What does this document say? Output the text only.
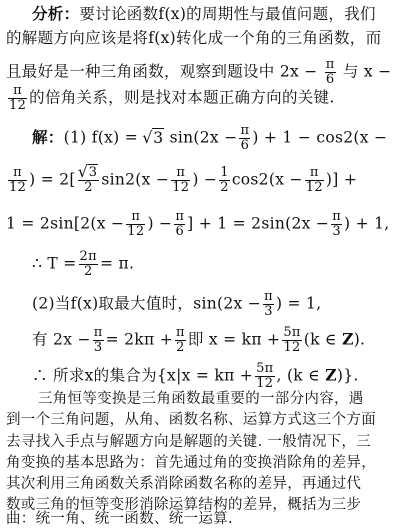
分析：要讨论函数f(x)的周期性与最值问题，我们
的解题方向应该是将f(x)转化成一个角的三角函数，而
且最好是一种三角函数，观察到题设中 $2x - \frac{\pi}{6}$ 与 x −
$\frac{\pi}{12}$ 的倍角关系，则是找对本题正确方向的关键.
解：(1) f(x) = √ 3 $\sin(2x - \frac{\pi}{6}$ ) + 1 − cos2(x −
$\frac{\pi}{12}$ ) = 2[ √ $\frac{3}{2} \sin 2(x - \frac{\pi}{12}$ ) − $\frac{1}{2} \cos 2(x - \frac{\pi}{12}$ )] +
$1 = 2\sin[2(x - \frac{\pi}{12}$ ) − $\frac{\pi}{6}$ ] + $1 = 2\sin(2x - \frac{\pi}{3}$ ) + 1,
∴ $T = \frac{2\pi}{2} = \pi$.
(2)当f(x)取最大值时，$\sin(2x - \frac{\pi}{3}$ ) = 1,
有 $2x - \frac{\pi}{3} = 2k\pi + \frac{\pi}{2}$ 即 $x = k\pi + \frac{5\pi}{12} (k$ ∈ Z).
∴ 所求x的集合为{$x|x = k\pi + \frac{5\pi}{12}$ , (k ∈ Z)}.
三角恒等变换是三角函数最重要的一部分内容，遇
到一个三角问题，从角、函数名称、运算方式这三个方面
去寻找入手点与解题方向是解题的关键. 一般情况下，三
角变换的基本思路为：首先通过角的变换消除角的差异，
其次利用三角函数关系消除函数名称的差异，再通过代
数或三角的恒等变形消除运算结构的差异，概括为三步
曲：统一角、统一函数、统一运算.
